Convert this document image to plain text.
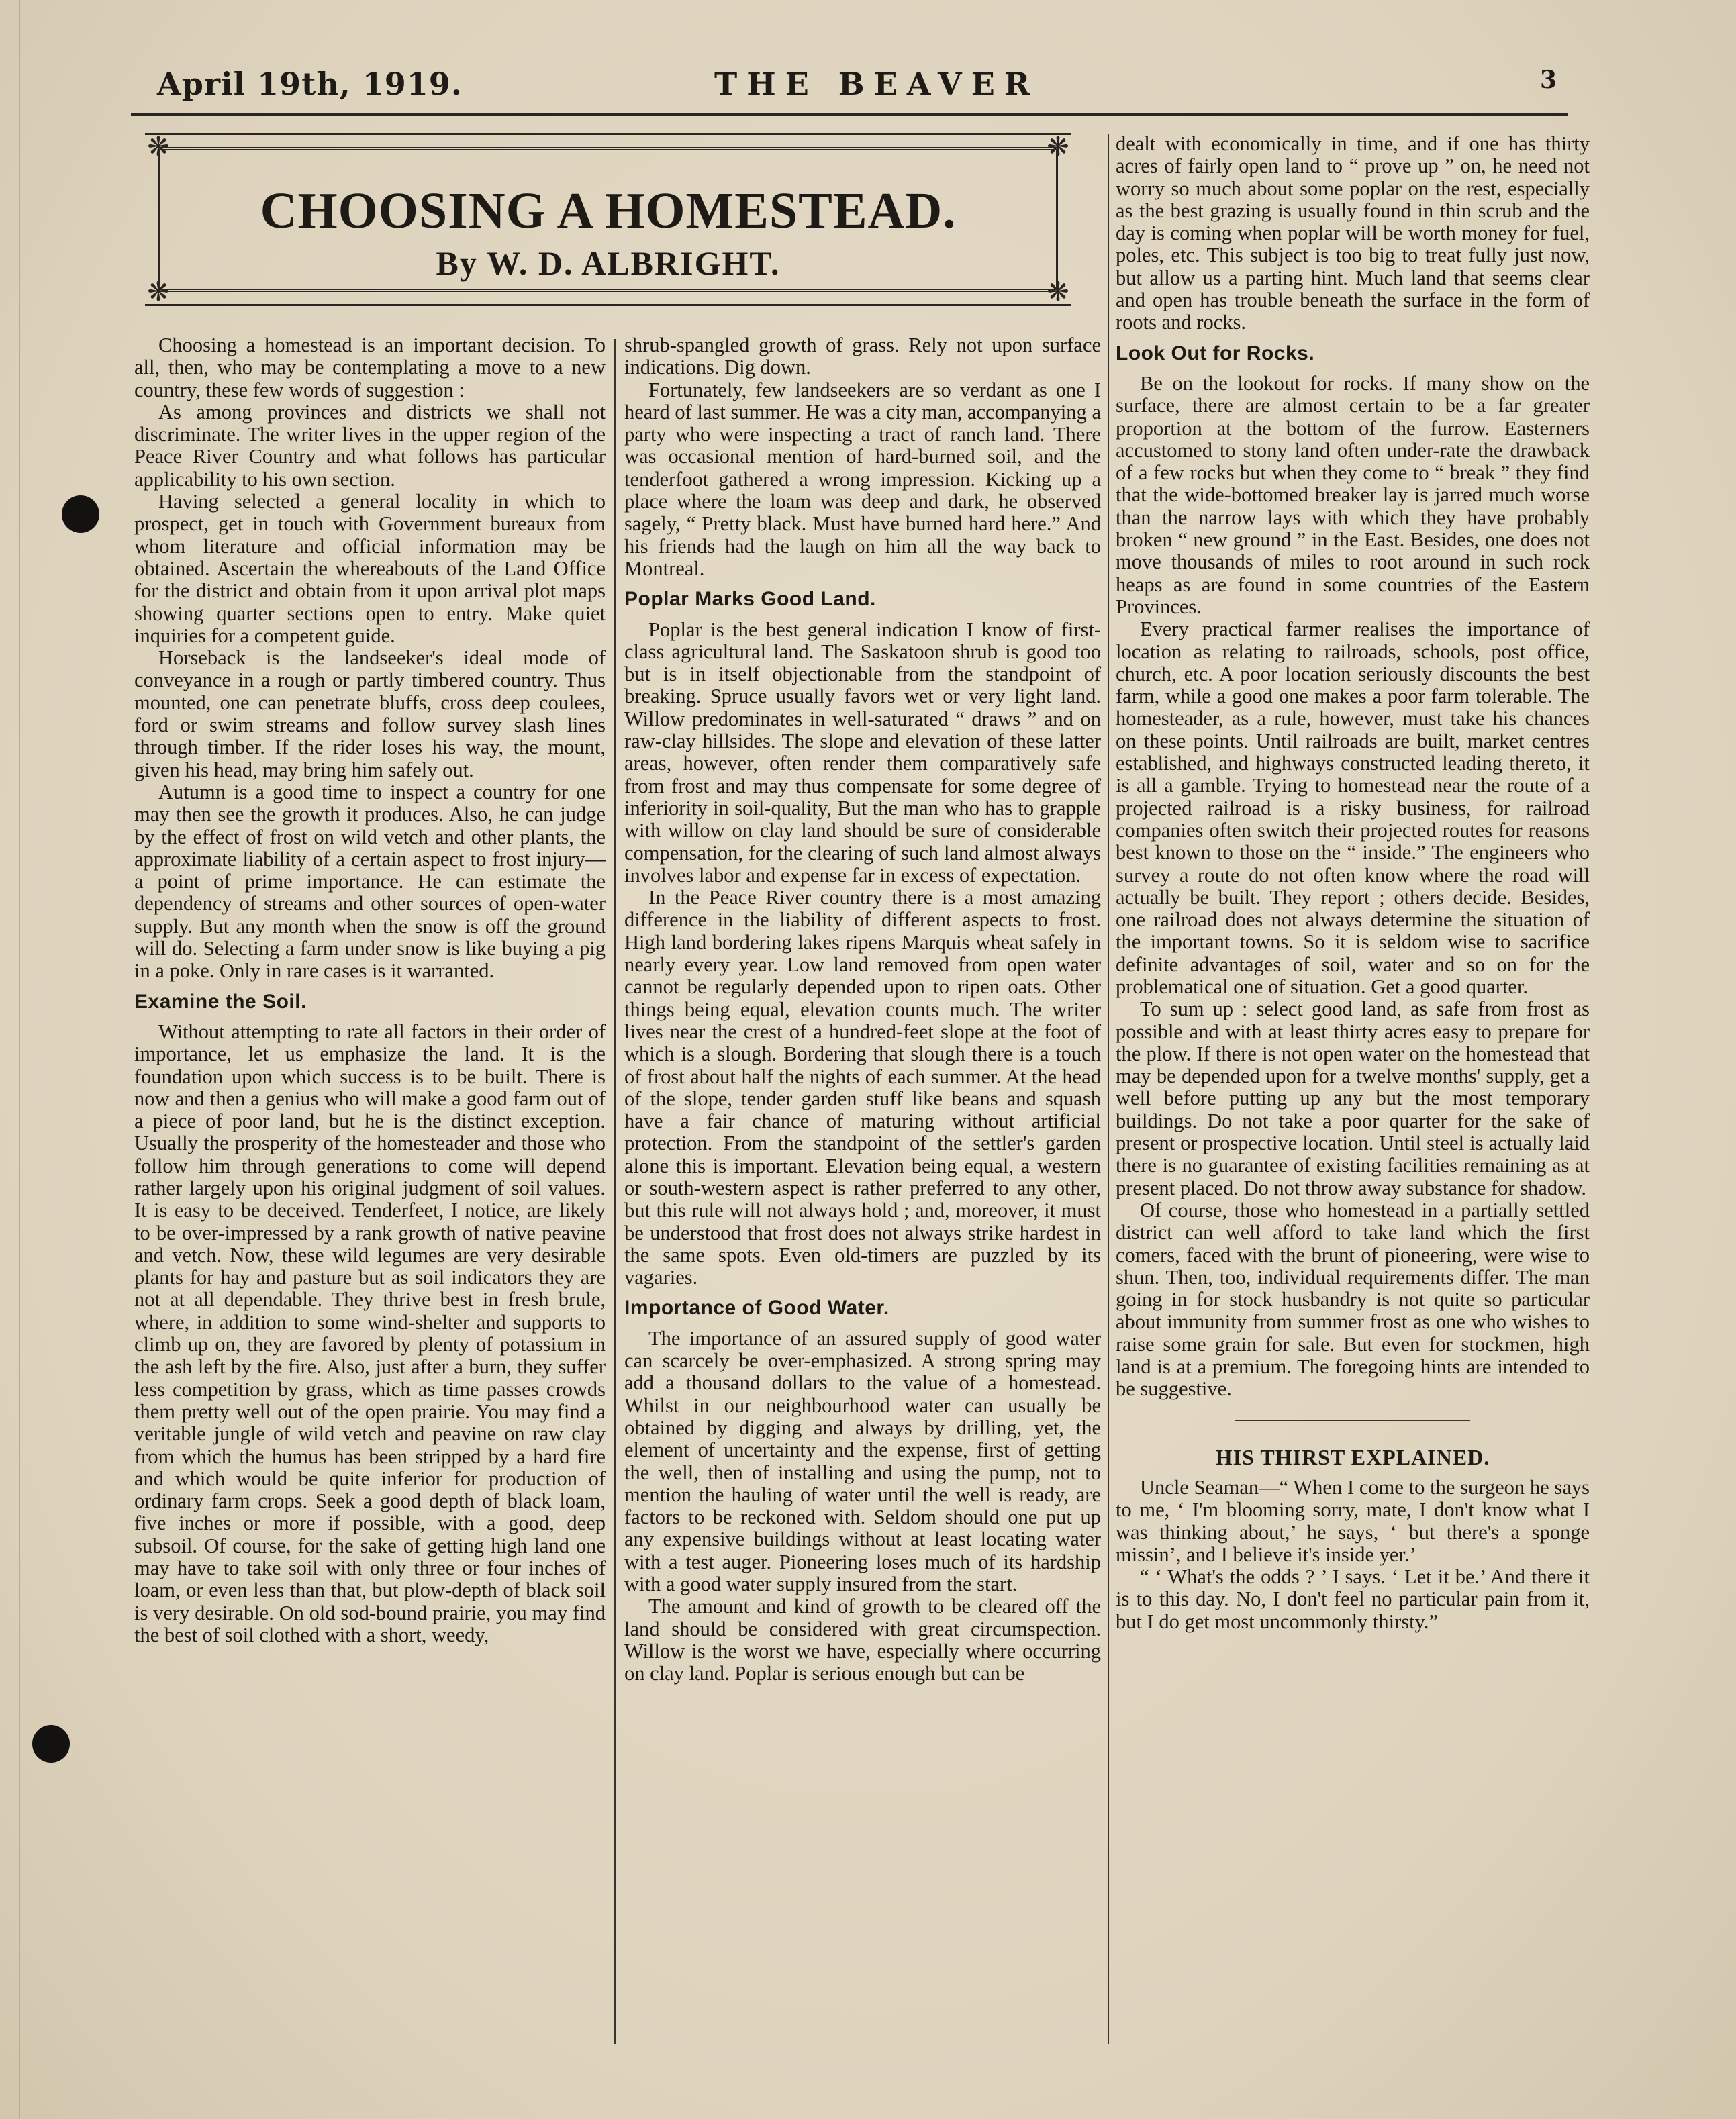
April 19th, 1919.	THE BEAVER	3
❋	❋
❋	❋
CHOOSING A HOMESTEAD.
By W. D. ALBRIGHT.

Choosing a homestead is an important decision. To all, then, who may be contemplating a move to a new country, these few words of suggestion :

As among provinces and districts we shall not discriminate. The writer lives in the upper region of the Peace River Country and what follows has particular applicability to his own section.

Having selected a general locality in which to prospect, get in touch with Government bureaux from whom literature and official information may be obtained. Ascertain the whereabouts of the Land Office for the district and obtain from it upon arrival plot maps showing quarter sections open to entry. Make quiet inquiries for a competent guide.

Horseback is the landseeker's ideal mode of conveyance in a rough or partly timbered country. Thus mounted, one can penetrate bluffs, cross deep coulees, ford or swim streams and follow survey slash lines through timber. If the rider loses his way, the mount, given his head, may bring him safely out.

Autumn is a good time to inspect a country for one may then see the growth it produces. Also, he can judge by the effect of frost on wild vetch and other plants, the approximate liability of a certain aspect to frost injury—a point of prime importance. He can estimate the dependency of streams and other sources of open-water supply. But any month when the snow is off the ground will do. Selecting a farm under snow is like buying a pig in a poke. Only in rare cases is it warranted.

Examine the Soil.

Without attempting to rate all factors in their order of importance, let us emphasize the land. It is the foundation upon which success is to be built. There is now and then a genius who will make a good farm out of a piece of poor land, but he is the distinct exception. Usually the prosperity of the homesteader and those who follow him through generations to come will depend rather largely upon his original judgment of soil values. It is easy to be deceived. Tenderfeet, I notice, are likely to be over-impressed by a rank growth of native peavine and vetch. Now, these wild legumes are very desirable plants for hay and pasture but as soil indicators they are not at all dependable. They thrive best in fresh brule, where, in addition to some wind-shelter and supports to climb up on, they are favored by plenty of potassium in the ash left by the fire. Also, just after a burn, they suffer less competition by grass, which as time passes crowds them pretty well out of the open prairie. You may find a veritable jungle of wild vetch and peavine on raw clay from which the humus has been stripped by a hard fire and which would be quite inferior for production of ordinary farm crops. Seek a good depth of black loam, five inches or more if possible, with a good, deep subsoil. Of course, for the sake of getting high land one may have to take soil with only three or four inches of loam, or even less than that, but plow-depth of black soil is very desirable. On old sod-bound prairie, you may find the best of soil clothed with a short, weedy,

shrub-spangled growth of grass. Rely not upon surface indications. Dig down.

Fortunately, few landseekers are so verdant as one I heard of last summer. He was a city man, accompanying a party who were inspecting a tract of ranch land. There was occasional mention of hard-burned soil, and the tenderfoot gathered a wrong impression. Kicking up a place where the loam was deep and dark, he observed sagely, “ Pretty black. Must have burned hard here.” And his friends had the laugh on him all the way back to Montreal.

Poplar Marks Good Land.

Poplar is the best general indication I know of first-class agricultural land. The Saskatoon shrub is good too but is in itself objectionable from the standpoint of breaking. Spruce usually favors wet or very light land. Willow predominates in well-saturated “ draws ” and on raw-clay hillsides. The slope and elevation of these latter areas, however, often render them comparatively safe from frost and may thus compensate for some degree of inferiority in soil-quality, But the man who has to grapple with willow on clay land should be sure of considerable compensation, for the clearing of such land almost always involves labor and expense far in excess of expectation.

In the Peace River country there is a most amazing difference in the liability of different aspects to frost. High land bordering lakes ripens Marquis wheat safely in nearly every year. Low land removed from open water cannot be regularly depended upon to ripen oats. Other things being equal, elevation counts much. The writer lives near the crest of a hundred-feet slope at the foot of which is a slough. Bordering that slough there is a touch of frost about half the nights of each summer. At the head of the slope, tender garden stuff like beans and squash have a fair chance of maturing without artificial protection. From the standpoint of the settler's garden alone this is important. Elevation being equal, a western or south-western aspect is rather preferred to any other, but this rule will not always hold ; and, moreover, it must be understood that frost does not always strike hardest in the same spots. Even old-timers are puzzled by its vagaries.

Importance of Good Water.

The importance of an assured supply of good water can scarcely be over-emphasized. A strong spring may add a thousand dollars to the value of a homestead. Whilst in our neighbourhood water can usually be obtained by digging and always by drilling, yet, the element of uncertainty and the expense, first of getting the well, then of installing and using the pump, not to mention the hauling of water until the well is ready, are factors to be reckoned with. Seldom should one put up any expensive buildings without at least locating water with a test auger. Pioneering loses much of its hardship with a good water supply insured from the start.

The amount and kind of growth to be cleared off the land should be considered with great circumspection. Willow is the worst we have, especially where occurring on clay land. Poplar is serious enough but can be

dealt with economically in time, and if one has thirty acres of fairly open land to “ prove up ” on, he need not worry so much about some poplar on the rest, especially as the best grazing is usually found in thin scrub and the day is coming when poplar will be worth money for fuel, poles, etc. This subject is too big to treat fully just now, but allow us a parting hint. Much land that seems clear and open has trouble beneath the surface in the form of roots and rocks.

Look Out for Rocks.

Be on the lookout for rocks. If many show on the surface, there are almost certain to be a far greater proportion at the bottom of the furrow. Easterners accustomed to stony land often under-rate the drawback of a few rocks but when they come to “ break ” they find that the wide-bottomed breaker lay is jarred much worse than the narrow lays with which they have probably broken “ new ground ” in the East. Besides, one does not move thousands of miles to root around in such rock heaps as are found in some countries of the Eastern Provinces.

Every practical farmer realises the importance of location as relating to railroads, schools, post office, church, etc. A poor location seriously discounts the best farm, while a good one makes a poor farm tolerable. The homesteader, as a rule, however, must take his chances on these points. Until railroads are built, market centres established, and highways constructed leading thereto, it is all a gamble. Trying to homestead near the route of a projected railroad is a risky business, for railroad companies often switch their projected routes for reasons best known to those on the “ inside.” The engineers who survey a route do not often know where the road will actually be built. They report ; others decide. Besides, one railroad does not always determine the situation of the important towns. So it is seldom wise to sacrifice definite advantages of soil, water and so on for the problematical one of situation. Get a good quarter.

To sum up : select good land, as safe from frost as possible and with at least thirty acres easy to prepare for the plow. If there is not open water on the homestead that may be depended upon for a twelve months' supply, get a well before putting up any but the most temporary buildings. Do not take a poor quarter for the sake of present or prospective location. Until steel is actually laid there is no guarantee of existing facilities remaining as at present placed. Do not throw away substance for shadow.

Of course, those who homestead in a partially settled district can well afford to take land which the first comers, faced with the brunt of pioneering, were wise to shun. Then, too, individual requirements differ. The man going in for stock husbandry is not quite so particular about immunity from summer frost as one who wishes to raise some grain for sale. But even for stockmen, high land is at a premium. The foregoing hints are intended to be suggestive.

HIS THIRST EXPLAINED.

Uncle Seaman—“ When I come to the surgeon he says to me, ‘ I'm blooming sorry, mate, I don't know what I was thinking about,’ he says, ‘ but there's a sponge missin’, and I believe it's inside yer.’

“ ‘ What's the odds ? ’ I says. ‘ Let it be.’ And there it is to this day. No, I don't feel no particular pain from it, but I do get most uncommonly thirsty.”
